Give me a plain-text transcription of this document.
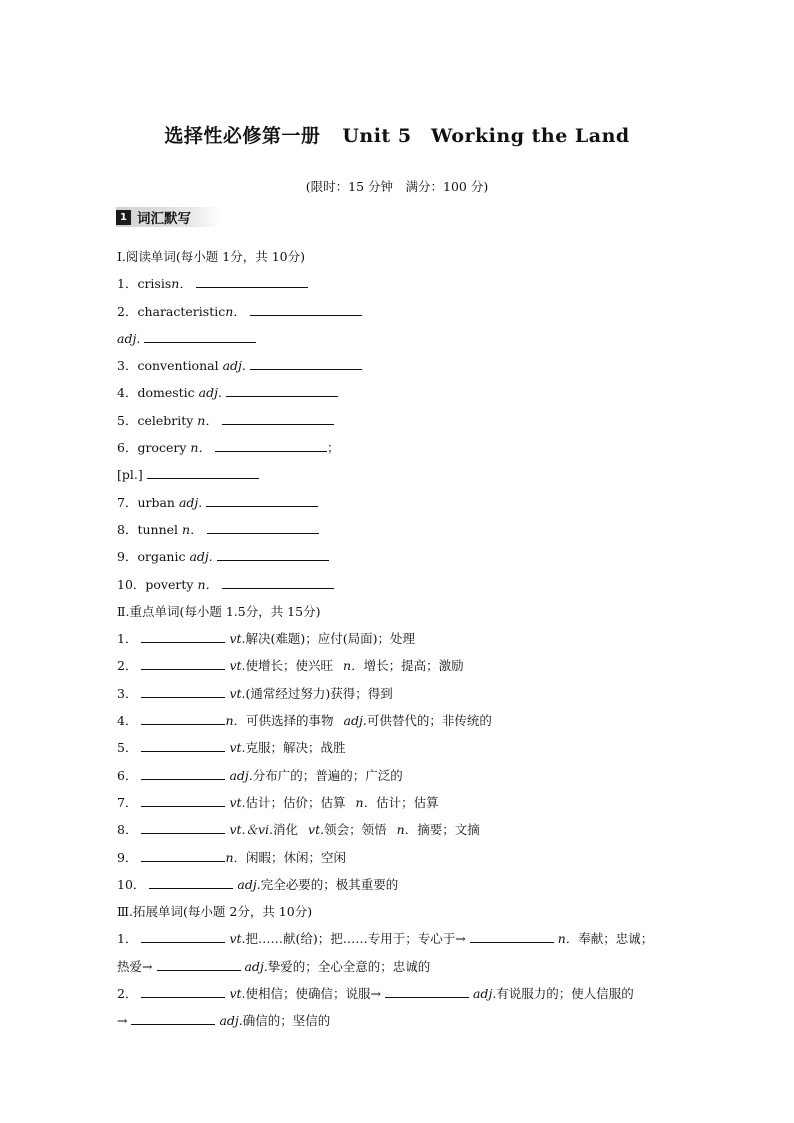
选择性必修第一册 Unit 5　Working the Land
(限时：15 分钟　满分：100 分)
1 词汇默写
Ⅰ.阅读单词(每小题 1分，共 10分)
1．crisisn．
2．characteristicn．
adj.
3．conventional adj.
4．domestic adj.
5．celebrity n．
6．grocery n．	；
[pl.]
7．urban adj.
8．tunnel n．
9．organic adj.
10．poverty n．
Ⅱ.重点单词(每小题 1.5分，共 15分)
1．	vt.解决(难题)；应付(局面)；处理
2．	vt.使增长；使兴旺 n．增长；提高；激励
3．	vt.(通常经过努力)获得；得到
4．	n．可供选择的事物 adj.可供替代的；非传统的
5．	vt.克服；解决；战胜
6．	adj.分布广的；普遍的；广泛的
7．	vt.估计；估价；估算 n．估计；估算
8．	vt.＆vi.消化 vt.领会；领悟 n．摘要；文摘
9．	n．闲暇；休闲；空闲
10．	adj.完全必要的；极其重要的
Ⅲ.拓展单词(每小题 2分，共 10分)
1．	vt.把……献(给)；把……专用于；专心于→	n．奉献；忠诚；
热爱→	adj.挚爱的；全心全意的；忠诚的
2．	vt.使相信；使确信；说服→	adj.有说服力的；使人信服的
→	adj.确信的；坚信的
